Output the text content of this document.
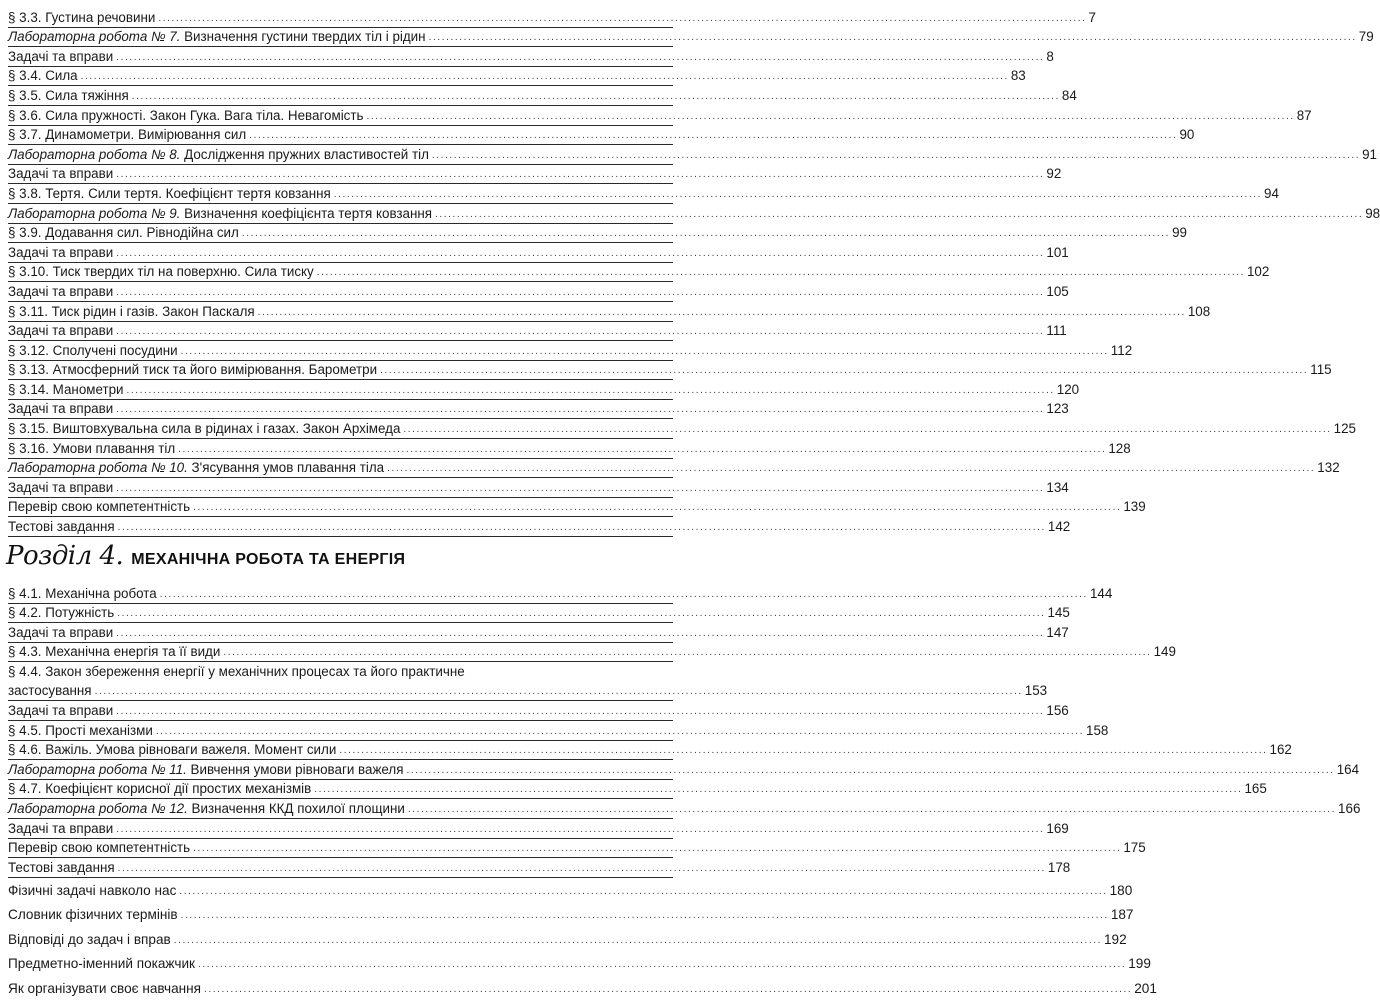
§ 3.3. Густина речовини .....	7
Лабораторна робота № 7. Визначення густини твердих тіл і рідин .....	79
Задачі та вправи .....	8
§ 3.4. Сила .....	83
§ 3.5. Сила тяжіння .....	84
§ 3.6. Сила пружності. Закон Гука. Вага тіла. Невагомість .....	87
§ 3.7. Динамометри. Вимірювання сил .....	90
Лабораторна робота № 8. Дослідження пружних властивостей тіл .....	91
Задачі та вправи .....	92
§ 3.8. Тертя. Сили тертя. Коефіцієнт тертя ковзання .....	94
Лабораторна робота № 9. Визначення коефіцієнта тертя ковзання .....	98
§ 3.9. Додавання сил. Рівнодійна сил .....	99
Задачі та вправи .....	101
§ 3.10. Тиск твердих тіл на поверхню. Сила тиску .....	102
Задачі та вправи .....	105
§ 3.11. Тиск рідин і газів. Закон Паскаля .....	108
Задачі та вправи .....	111
§ 3.12. Сполучені посудини .....	112
§ 3.13. Атмосферний тиск та його вимірювання. Барометри .....	115
§ 3.14. Манометри .....	120
Задачі та вправи .....	123
§ 3.15. Виштовхувальна сила в рідинах і газах. Закон Архімеда .....	125
§ 3.16. Умови плавання тіл .....	128
Лабораторна робота № 10. З'ясування умов плавання тіла .....	132
Задачі та вправи .....	134
Перевір свою компетентність .....	139
Тестові завдання .....	142
Розділ 4. МЕХАНІЧНА РОБОТА ТА ЕНЕРГІЯ
§ 4.1. Механічна робота .....	144
§ 4.2. Потужність .....	145
Задачі та вправи .....	147
§ 4.3. Механічна енергія та її види .....	149
§ 4.4. Закон збереження енергії у механічних процесах та його практичне
застосування .....	153
Задачі та вправи .....	156
§ 4.5. Прості механізми .....	158
§ 4.6. Важіль. Умова рівноваги важеля. Момент сили .....	162
Лабораторна робота № 11. Вивчення умови рівноваги важеля .....	164
§ 4.7. Коефіцієнт корисної дії простих механізмів .....	165
Лабораторна робота № 12. Визначення ККД похилої площини .....	166
Задачі та вправи .....	169
Перевір свою компетентність .....	175
Тестові завдання .....	178
Фізичні задачі навколо нас .....	180
Словник фізичних термінів .....	187
Відповіді до задач і вправ .....	192
Предметно-іменний покажчик .....	199
Як організувати своє навчання .....	201
